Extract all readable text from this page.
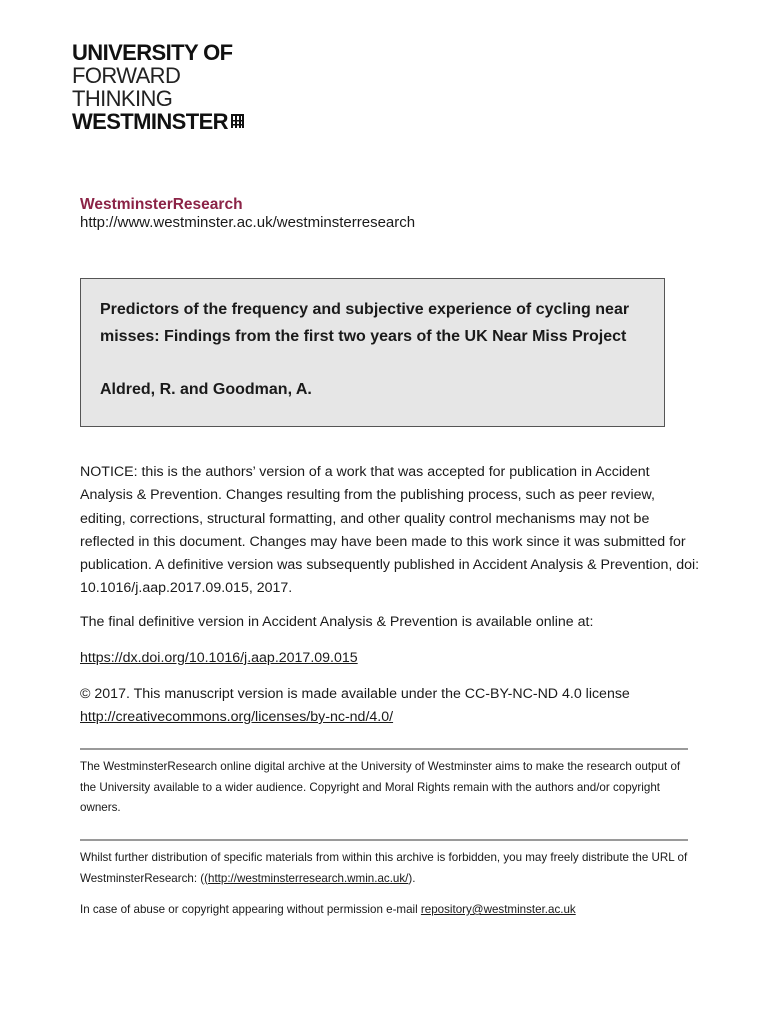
UNIVERSITY OF
FORWARD
THINKING
WESTMINSTER
WestminsterResearch
http://www.westminster.ac.uk/westminsterresearch

Predictors of the frequency and subjective experience of cycling near misses: Findings from the first two years of the UK Near Miss Project

Aldred, R. and Goodman, A.

NOTICE: this is the authors’ version of a work that was accepted for publication in Accident Analysis & Prevention. Changes resulting from the publishing process, such as peer review, editing, corrections, structural formatting, and other quality control mechanisms may not be reflected in this document. Changes may have been made to this work since it was submitted for publication. A definitive version was subsequently published in Accident Analysis & Prevention, doi: 10.1016/j.aap.2017.09.015, 2017.

The final definitive version in Accident Analysis & Prevention is available online at:

https://dx.doi.org/10.1016/j.aap.2017.09.015

© 2017. This manuscript version is made available under the CC-BY-NC-ND 4.0 license
http://creativecommons.org/licenses/by-nc-nd/4.0/

The WestminsterResearch online digital archive at the University of Westminster aims to make the research output of the University available to a wider audience. Copyright and Moral Rights remain with the authors and/or copyright owners.

Whilst further distribution of specific materials from within this archive is forbidden, you may freely distribute the URL of WestminsterResearch: ((http://westminsterresearch.wmin.ac.uk/).

In case of abuse or copyright appearing without permission e-mail repository@westminster.ac.uk
